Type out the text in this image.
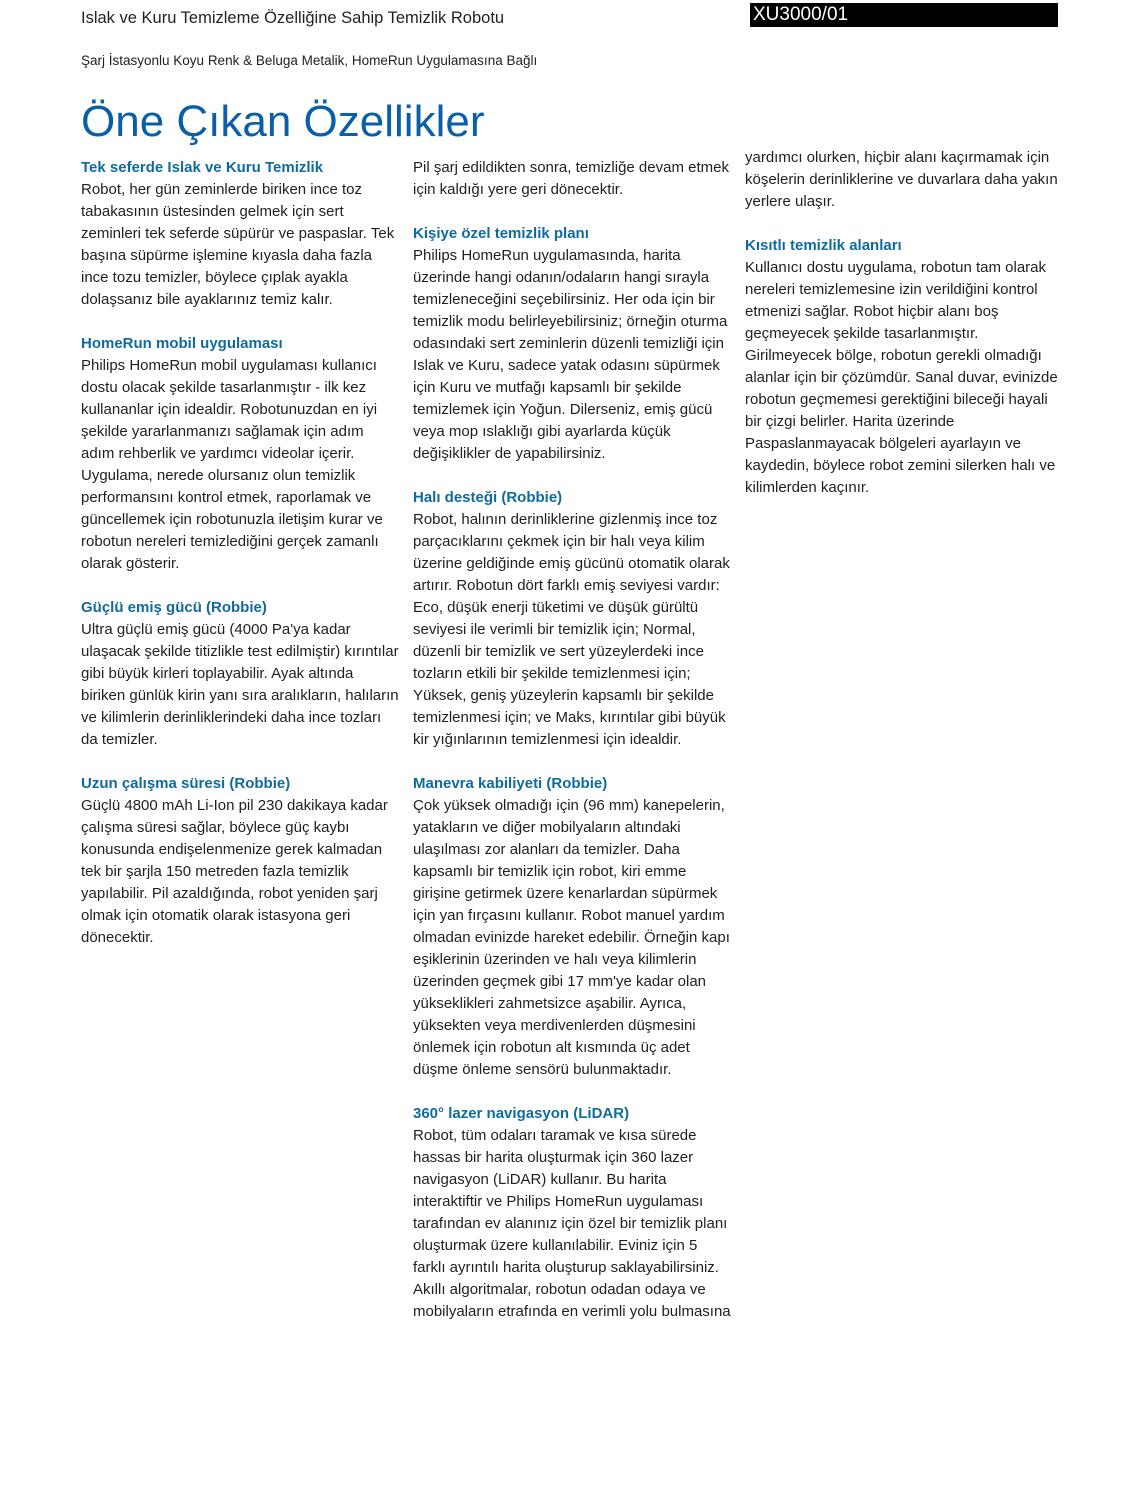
Islak ve Kuru Temizleme Özelliğine Sahip Temizlik Robotu
Şarj İstasyonlu Koyu Renk & Beluga Metalik, HomeRun Uygulamasına Bağlı
XU3000/01
Öne Çıkan Özellikler

Tek seferde Islak ve Kuru Temizlik

Robot, her gün zeminlerde biriken ince toz tabakasının üstesinden gelmek için sert zeminleri tek seferde süpürür ve paspaslar. Tek başına süpürme işlemine kıyasla daha fazla ince tozu temizler, böylece çıplak ayakla dolaşsanız bile ayaklarınız temiz kalır.

HomeRun mobil uygulaması

Philips HomeRun mobil uygulaması kullanıcı dostu olacak şekilde tasarlanmıştır - ilk kez kullananlar için idealdir. Robotunuzdan en iyi şekilde yararlanmanızı sağlamak için adım adım rehberlik ve yardımcı videolar içerir. Uygulama, nerede olursanız olun temizlik performansını kontrol etmek, raporlamak ve güncellemek için robotunuzla iletişim kurar ve robotun nereleri temizlediğini gerçek zamanlı olarak gösterir.

Güçlü emiş gücü (Robbie)

Ultra güçlü emiş gücü (4000 Pa'ya kadar ulaşacak şekilde titizlikle test edilmiştir) kırıntılar gibi büyük kirleri toplayabilir. Ayak altında biriken günlük kirin yanı sıra aralıkların, halıların ve kilimlerin derinliklerindeki daha ince tozları da temizler.

Uzun çalışma süresi (Robbie)

Güçlü 4800 mAh Li-Ion pil 230 dakikaya kadar çalışma süresi sağlar, böylece güç kaybı konusunda endişelenmenize gerek kalmadan tek bir şarjla 150 metreden fazla temizlik yapılabilir. Pil azaldığında, robot yeniden şarj olmak için otomatik olarak istasyona geri dönecektir.

Pil şarj edildikten sonra, temizliğe devam etmek için kaldığı yere geri dönecektir.

Kişiye özel temizlik planı

Philips HomeRun uygulamasında, harita üzerinde hangi odanın/odaların hangi sırayla temizleneceğini seçebilirsiniz. Her oda için bir temizlik modu belirleyebilirsiniz; örneğin oturma odasındaki sert zeminlerin düzenli temizliği için Islak ve Kuru, sadece yatak odasını süpürmek için Kuru ve mutfağı kapsamlı bir şekilde temizlemek için Yoğun. Dilerseniz, emiş gücü veya mop ıslaklığı gibi ayarlarda küçük değişiklikler de yapabilirsiniz.

Halı desteği (Robbie)

Robot, halının derinliklerine gizlenmiş ince toz parçacıklarını çekmek için bir halı veya kilim üzerine geldiğinde emiş gücünü otomatik olarak artırır. Robotun dört farklı emiş seviyesi vardır: Eco, düşük enerji tüketimi ve düşük gürültü seviyesi ile verimli bir temizlik için; Normal, düzenli bir temizlik ve sert yüzeylerdeki ince tozların etkili bir şekilde temizlenmesi için; Yüksek, geniş yüzeylerin kapsamlı bir şekilde temizlenmesi için; ve Maks, kırıntılar gibi büyük kir yığınlarının temizlenmesi için idealdir.

Manevra kabiliyeti (Robbie)

Çok yüksek olmadığı için (96 mm) kanepelerin, yatakların ve diğer mobilyaların altındaki ulaşılması zor alanları da temizler. Daha kapsamlı bir temizlik için robot, kiri emme girişine getirmek üzere kenarlardan süpürmek için yan fırçasını kullanır. Robot manuel yardım olmadan evinizde hareket edebilir. Örneğin kapı eşiklerinin üzerinden ve halı veya kilimlerin üzerinden geçmek gibi 17 mm'ye kadar olan yükseklikleri zahmetsizce aşabilir. Ayrıca, yüksekten veya merdivenlerden düşmesini önlemek için robotun alt kısmında üç adet düşme önleme sensörü bulunmaktadır.

360° lazer navigasyon (LiDAR)

Robot, tüm odaları taramak ve kısa sürede hassas bir harita oluşturmak için 360 lazer navigasyon (LiDAR) kullanır. Bu harita interaktiftir ve Philips HomeRun uygulaması tarafından ev alanınız için özel bir temizlik planı oluşturmak üzere kullanılabilir. Eviniz için 5 farklı ayrıntılı harita oluşturup saklayabilirsiniz. Akıllı algoritmalar, robotun odadan odaya ve mobilyaların etrafında en verimli yolu bulmasına

yardımcı olurken, hiçbir alanı kaçırmamak için köşelerin derinliklerine ve duvarlara daha yakın yerlere ulaşır.

Kısıtlı temizlik alanları

Kullanıcı dostu uygulama, robotun tam olarak nereleri temizlemesine izin verildiğini kontrol etmenizi sağlar. Robot hiçbir alanı boş geçmeyecek şekilde tasarlanmıştır. Girilmeyecek bölge, robotun gerekli olmadığı alanlar için bir çözümdür. Sanal duvar, evinizde robotun geçmemesi gerektiğini bileceği hayali bir çizgi belirler. Harita üzerinde Paspaslanmayacak bölgeleri ayarlayın ve kaydedin, böylece robot zemini silerken halı ve kilimlerden kaçınır.
